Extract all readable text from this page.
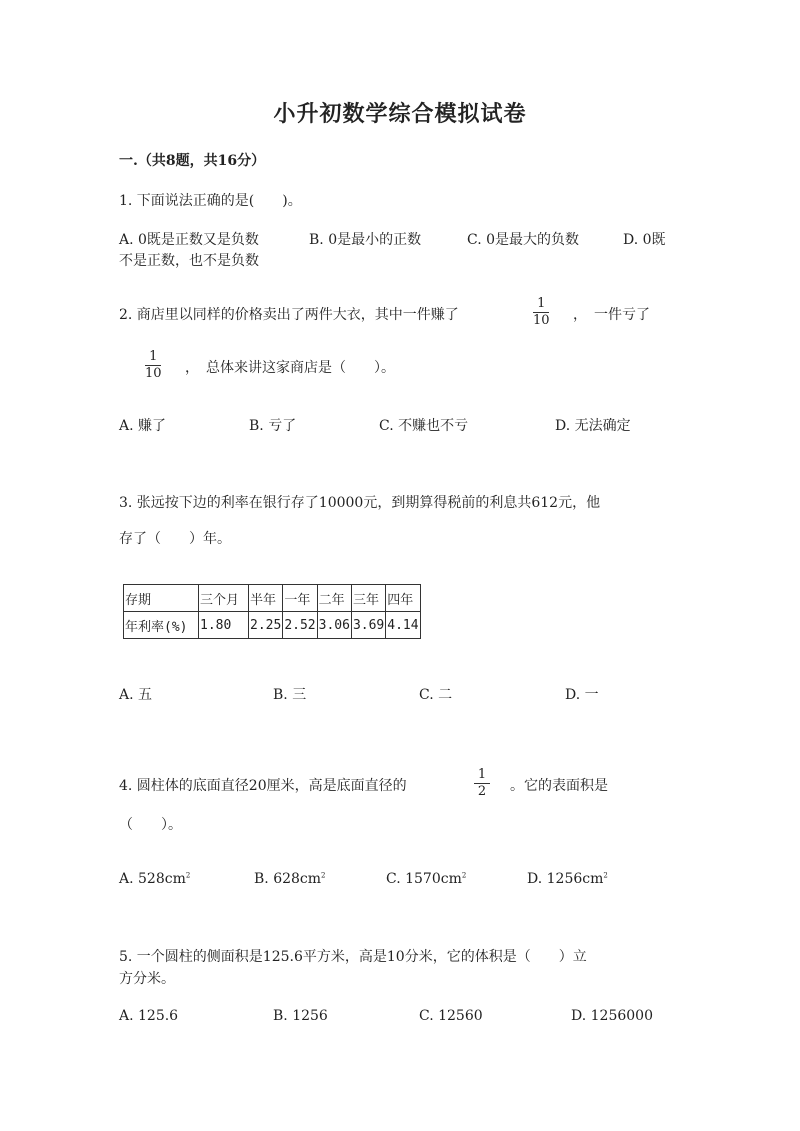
小升初数学综合模拟试卷
一.（共8题，共16分）
1. 下面说法正确的是(　　)。
A. 0既是正数又是负数	B. 0是最小的正数	C. 0是最大的负数	D. 0既
不是正数，也不是负数
2. 商店里以同样的价格卖出了两件大衣，其中一件赚了
1
10 ，　一件亏了
1
10 ，　总体来讲这家商店是（　　）。
A. 赚了	B. 亏了	C. 不赚也不亏	D. 无法确定
3. 张远按下边的利率在银行存了10000元，到期算得税前的利息共612元，他
存了（　　）年。
存期	三个月	半年	一年	二年	三年	四年
年利率(%)	1.80	2.25	2.52	3.06	3.69	4.14
A. 五	B. 三	C. 二	D. 一
4. 圆柱体的底面直径20厘米，高是底面直径的
1
2 。它的表面积是
（　　）。
A. $528cm^2$	B. $628cm^2$	C. $1570cm^2$	D. $1256cm^2$
5. 一个圆柱的侧面积是125.6平方米，高是10分米，它的体积是（　　）立
方分米。
A. 125.6	B. 1256	C. 12560	D. 1256000
